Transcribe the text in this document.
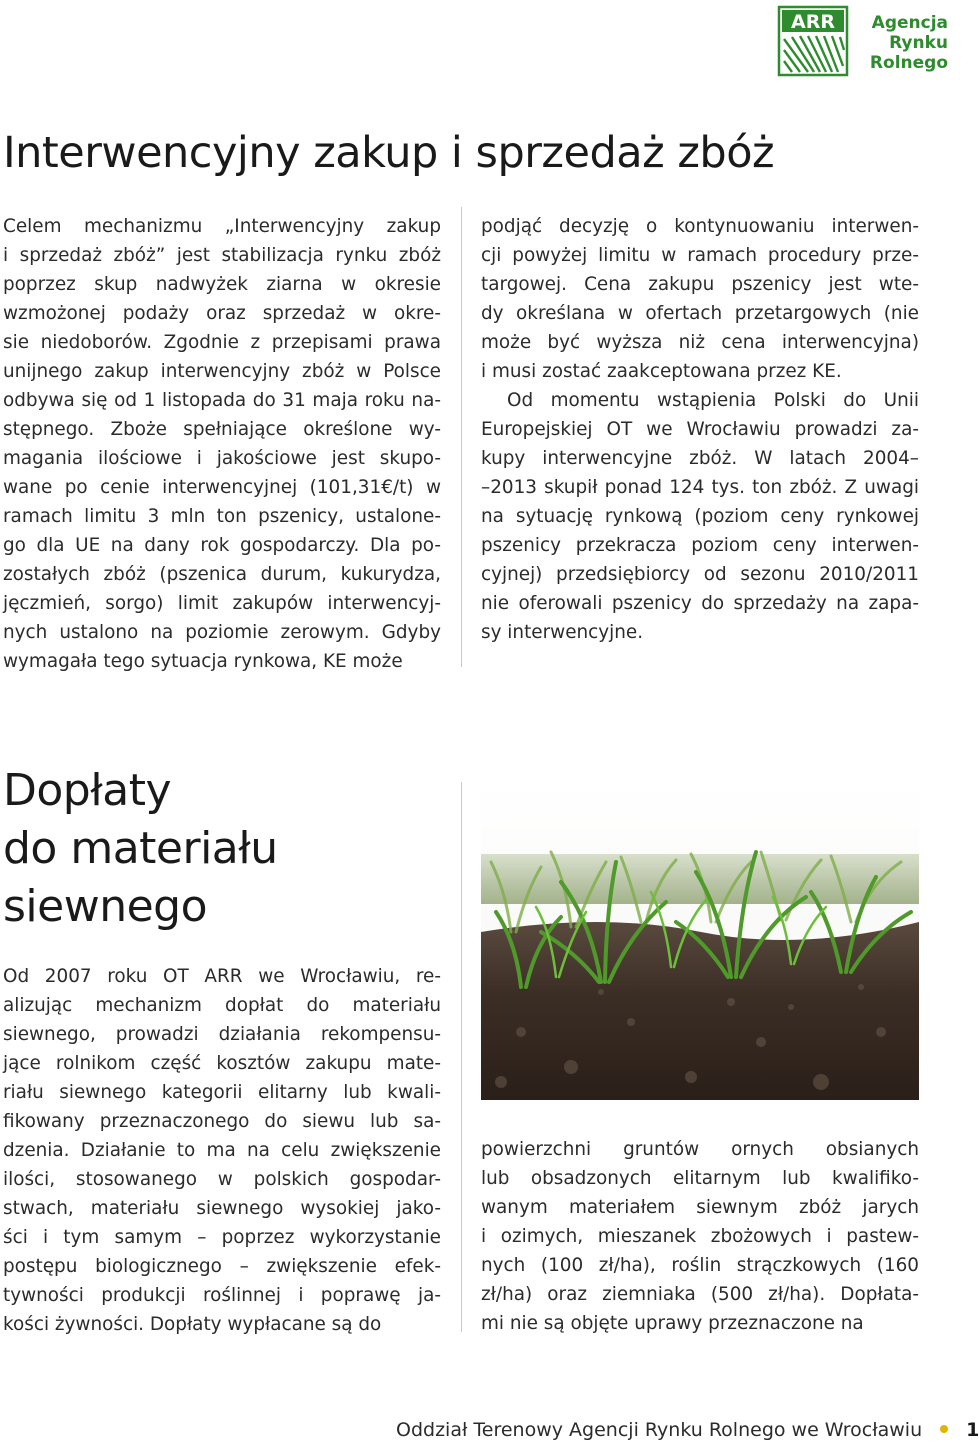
ARR Agencja
Rynku
Rolnego
Interwencyjny zakup i sprzedaż zbóż
Celem mechanizmu „Interwencyjny zakup
i sprzedaż zbóż” jest stabilizacja rynku zbóż
poprzez skup nadwyżek ziarna w okresie
wzmożonej podaży oraz sprzedaż w okre-
sie niedoborów. Zgodnie z przepisami prawa
unijnego zakup interwencyjny zbóż w Polsce
odbywa się od 1 listopada do 31 maja roku na-
stępnego. Zboże spełniające określone wy-
magania ilościowe i jakościowe jest skupo-
wane po cenie interwencyjnej (101,31€/t) w
ramach limitu 3 mln ton pszenicy, ustalone-
go dla UE na dany rok gospodarczy. Dla po-
zostałych zbóż (pszenica durum, kukurydza,
jęczmień, sorgo) limit zakupów interwencyj-
nych ustalono na poziomie zerowym. Gdyby
wymagała tego sytuacja rynkowa, KE może
podjąć decyzję o kontynuowaniu interwen-
cji powyżej limitu w ramach procedury prze-
targowej. Cena zakupu pszenicy jest wte-
dy określana w ofertach przetargowych (nie
może być wyższa niż cena interwencyjna)
i musi zostać zaakceptowana przez KE.
Od momentu wstąpienia Polski do Unii
Europejskiej OT we Wrocławiu prowadzi za-
kupy interwencyjne zbóż. W latach 2004–
–2013 skupił ponad 124 tys. ton zbóż. Z uwagi
na sytuację rynkową (poziom ceny rynkowej
pszenicy przekracza poziom ceny interwen-
cyjnej) przedsiębiorcy od sezonu 2010/2011
nie oferowali pszenicy do sprzedaży na zapa-
sy interwencyjne.
Dopłaty
do materiału
siewnego
Od 2007 roku OT ARR we Wrocławiu, re-
alizując mechanizm dopłat do materiału
siewnego, prowadzi działania rekompensu-
jące rolnikom część kosztów zakupu mate-
riału siewnego kategorii elitarny lub kwali-
fikowany przeznaczonego do siewu lub sa-
dzenia. Działanie to ma na celu zwiększenie
ilości, stosowanego w polskich gospodar-
stwach, materiału siewnego wysokiej jako-
ści i tym samym – poprzez wykorzystanie
postępu biologicznego – zwiększenie efek-
tywności produkcji roślinnej i poprawę ja-
kości żywności. Dopłaty wypłacane są do
powierzchni gruntów ornych obsianych
lub obsadzonych elitarnym lub kwalifiko-
wanym materiałem siewnym zbóż jarych
i ozimych, mieszanek zbożowych i pastew-
nych (100 zł/ha), roślin strączkowych (160
zł/ha) oraz ziemniaka (500 zł/ha). Dopłata-
mi nie są objęte uprawy przeznaczone na
Oddział Terenowy Agencji Rynku Rolnego we Wrocławiu 1
